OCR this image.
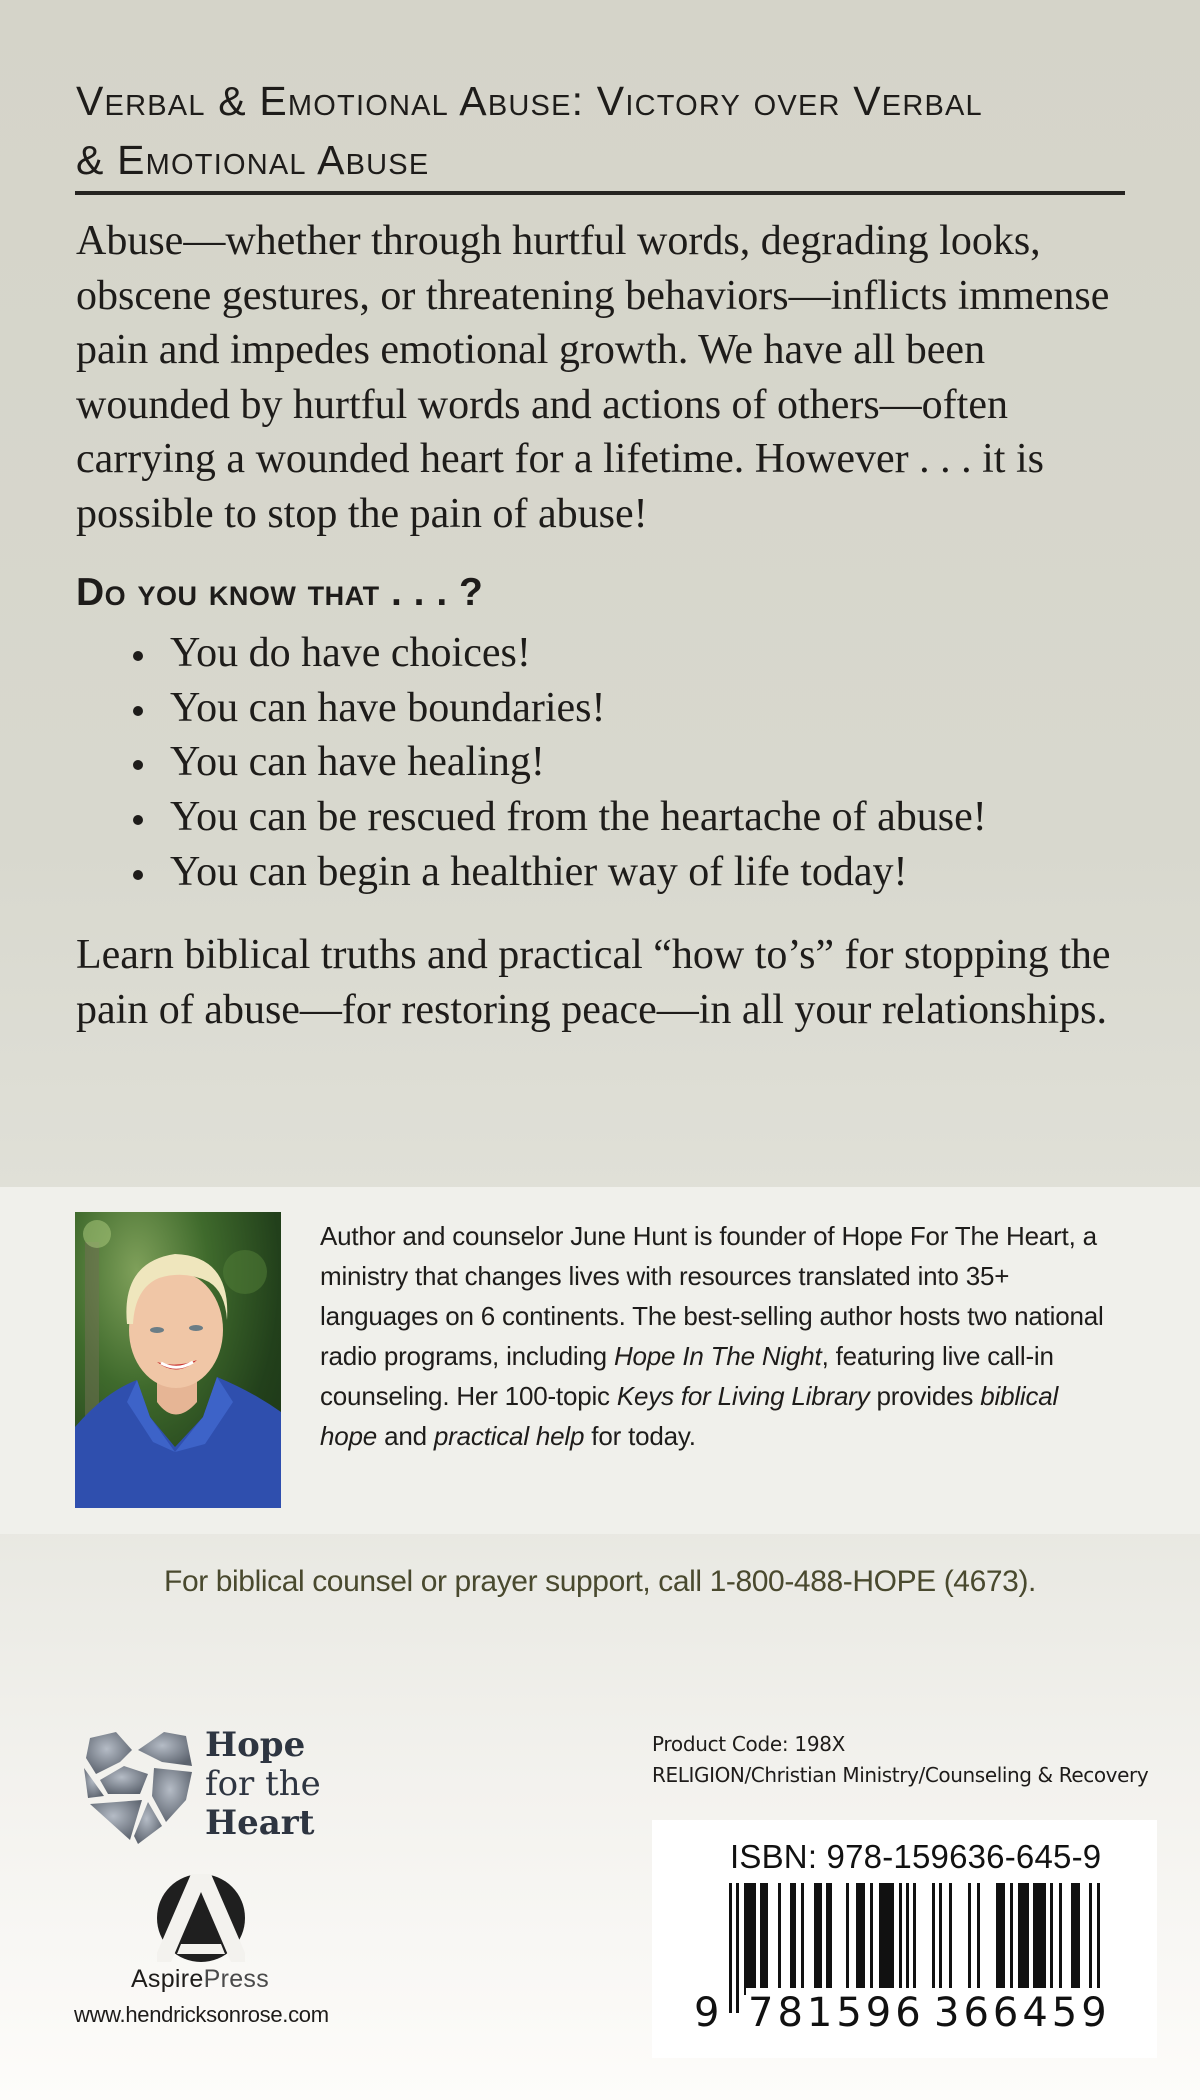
Verbal & Emotional Abuse: Victory over Verbal
& Emotional Abuse

Abuse—whether through hurtful words, degrading looks, obscene gestures, or threatening behaviors—inflicts immense pain and impedes emotional growth. We have all been wounded by hurtful words and actions of others—often carrying a wounded heart for a lifetime. However . . . it is possible to stop the pain of abuse!

Do you know that . . . ?
You do have choices!
You can have boundaries!
You can have healing!
You can be rescued from the heartache of abuse!
You can begin a healthier way of life today!

Learn biblical truths and practical “how to’s” for stopping the pain of abuse—for restoring peace—in all your relationships.

Author and counselor June Hunt is founder of Hope For The Heart, a ministry that changes lives with resources translated into 35+ languages on 6 continents. The best-selling author hosts two national radio programs, including Hope In The Night, featuring live call-in counseling. Her 100-topic Keys for Living Library provides biblical hope and practical help for today.

For biblical counsel or prayer support, call 1-800-488-HOPE (4673).

Hope
for the
Heart
AspirePress
www.hendricksonrose.com
Product Code: 198X
RELIGION/Christian Ministry/Counseling & Recovery
ISBN: 978-159636-645-9
9 781596 366459
